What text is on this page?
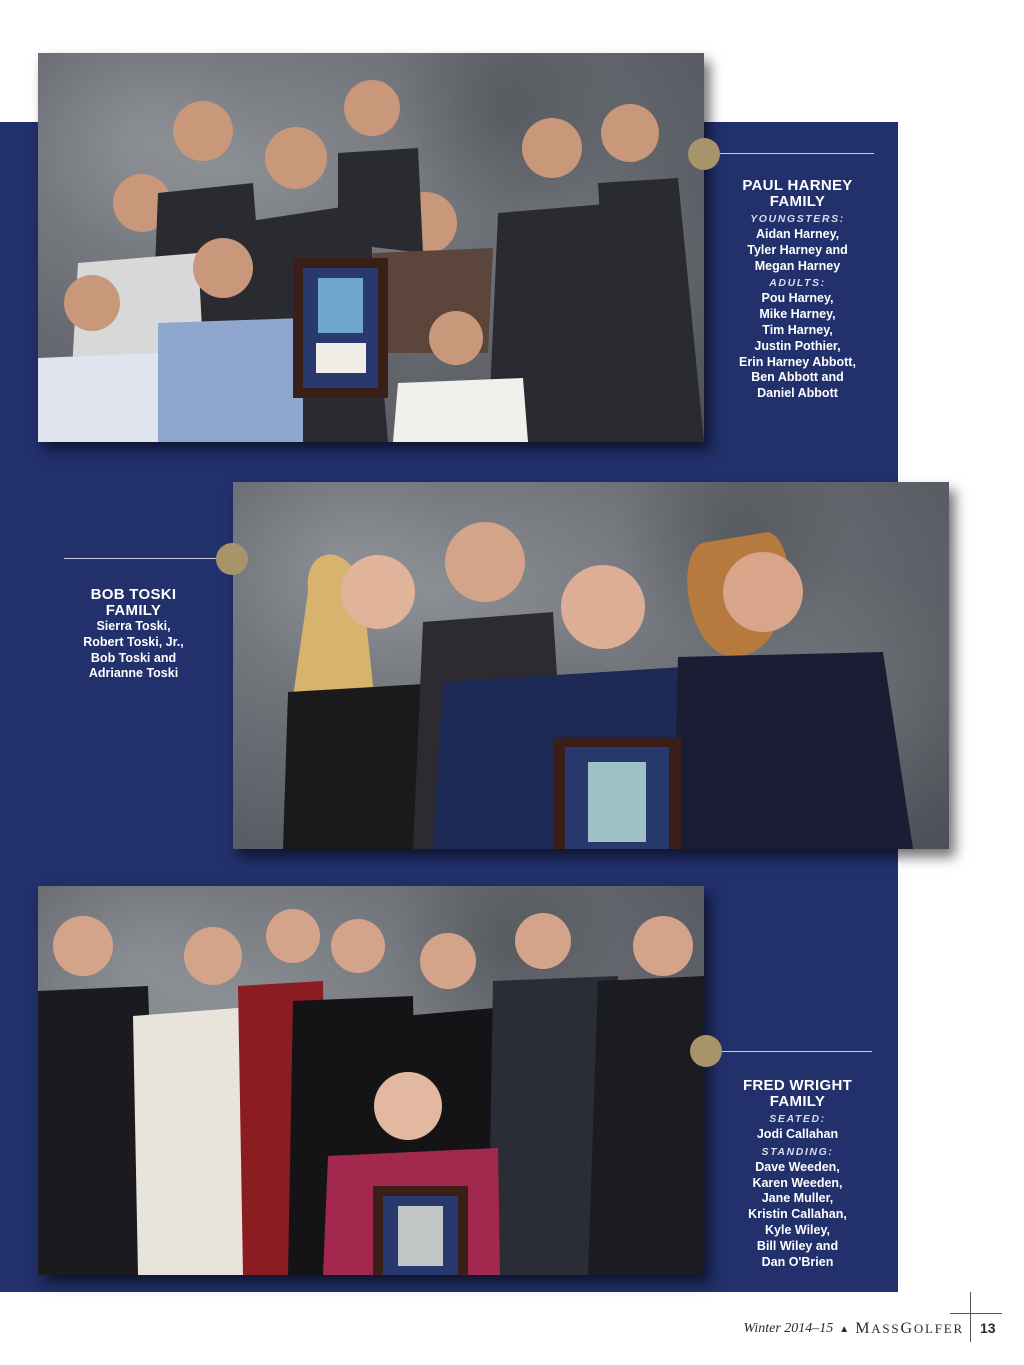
PAUL HARNEY
FAMILY
YOUNGSTERS:
Aidan Harney,
Tyler Harney and
Megan Harney
ADULTS:
Pou Harney,
Mike Harney,
Tim Harney,
Justin Pothier,
Erin Harney Abbott,
Ben Abbott and
Daniel Abbott
BOB TOSKI
FAMILY
Sierra Toski,
Robert Toski, Jr.,
Bob Toski and
Adrianne Toski
FRED WRIGHT
FAMILY
SEATED:
Jodi Callahan
STANDING:
Dave Weeden,
Karen Weeden,
Jane Muller,
Kristin Callahan,
Kyle Wiley,
Bill Wiley and
Dan O'Brien
Winter 2014–15 ▲ MASSGOLFER 13
